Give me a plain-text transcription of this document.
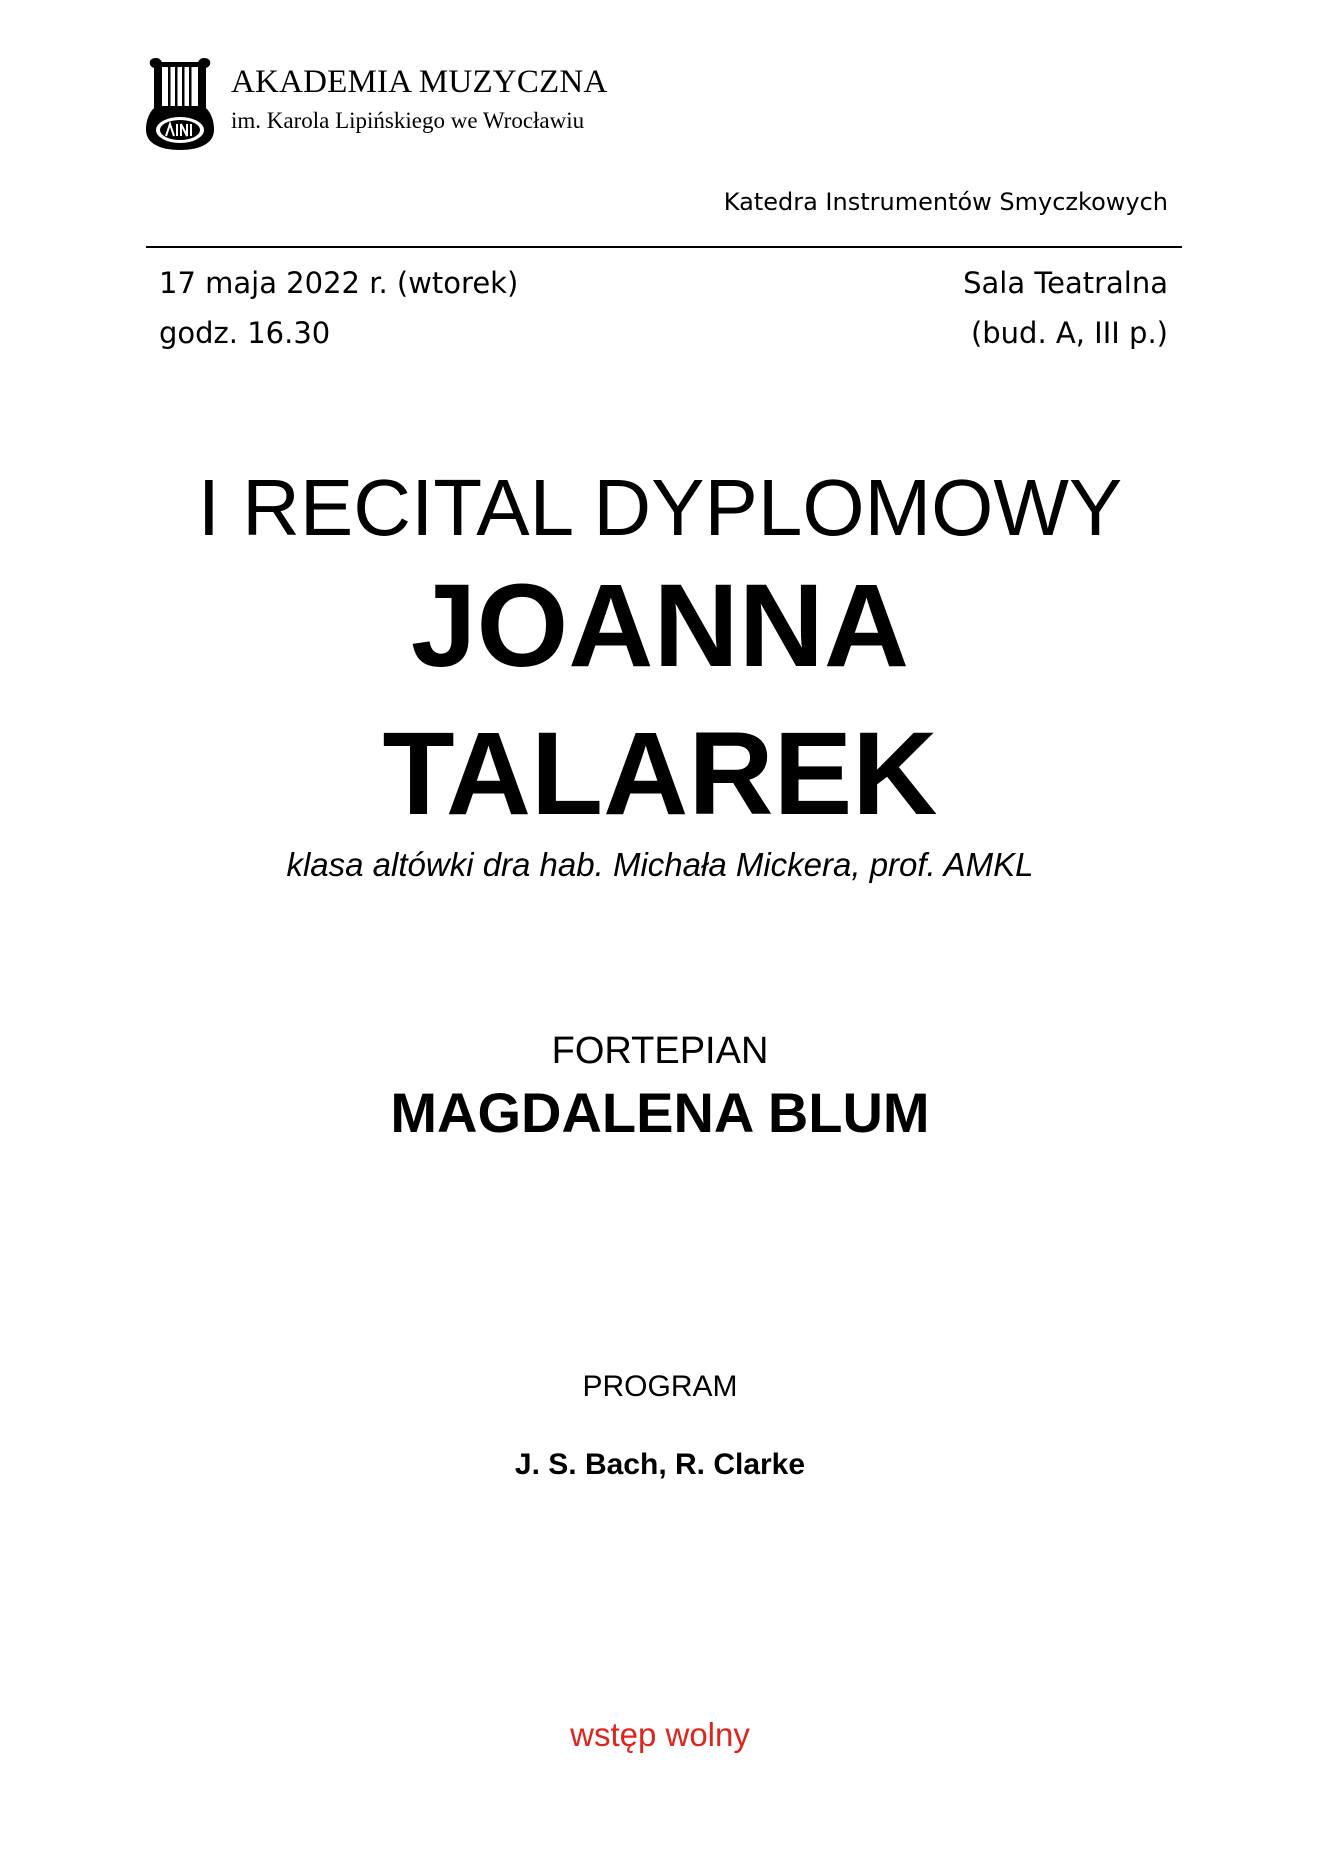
AKADEMIA MUZYCZNA
im. Karola Lipińskiego we Wrocławiu
Katedra Instrumentów Smyczkowych
17 maja 2022 r. (wtorek)
godz. 16.30
Sala Teatralna
(bud. A, III p.)
I RECITAL DYPLOMOWY
JOANNA
TALAREK
klasa altówki dra hab. Michała Mickera, prof. AMKL
FORTEPIAN
MAGDALENA BLUM
PROGRAM
J. S. Bach, R. Clarke
wstęp wolny
